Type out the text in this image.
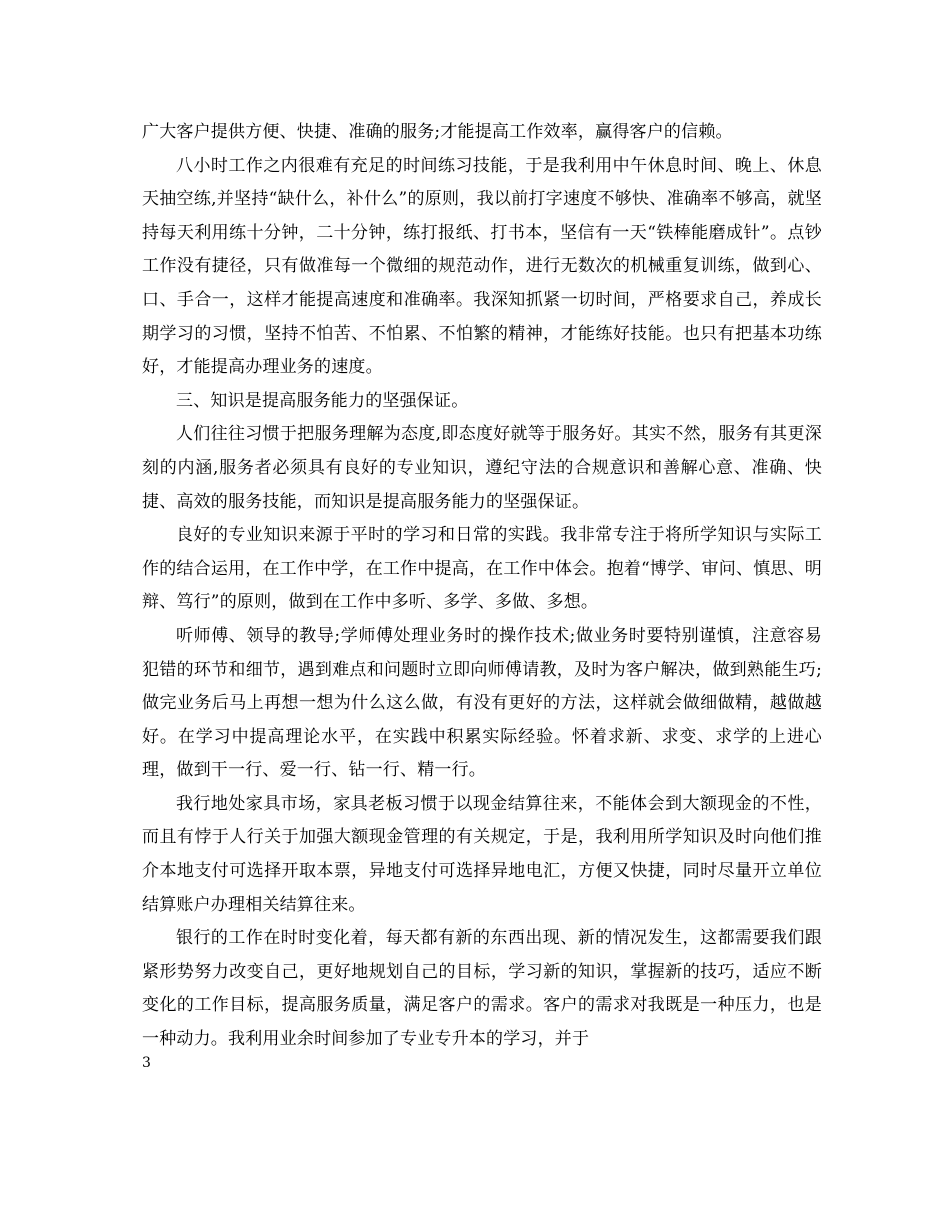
广大客户提供方便、快捷、准确的服务;才能提高工作效率，赢得客户的信赖。

八小时工作之内很难有充足的时间练习技能，于是我利用中午休息时间、晚上、休息天抽空练,并坚持“缺什么，补什么”的原则，我以前打字速度不够快、准确率不够高，就坚持每天利用练十分钟，二十分钟，练打报纸、打书本，坚信有一天“铁棒能磨成针”。点钞工作没有捷径，只有做准每一个微细的规范动作，进行无数次的机械重复训练，做到心、口、手合一，这样才能提高速度和准确率。我深知抓紧一切时间，严格要求自己，养成长期学习的习惯，坚持不怕苦、不怕累、不怕繁的精神，才能练好技能。也只有把基本功练好，才能提高办理业务的速度。

三、知识是提高服务能力的坚强保证。

人们往往习惯于把服务理解为态度,即态度好就等于服务好。其实不然，服务有其更深刻的内涵,服务者必须具有良好的专业知识，遵纪守法的合规意识和善解心意、准确、快捷、高效的服务技能，而知识是提高服务能力的坚强保证。

良好的专业知识来源于平时的学习和日常的实践。我非常专注于将所学知识与实际工作的结合运用，在工作中学，在工作中提高，在工作中体会。抱着“博学、审问、慎思、明辩、笃行”的原则，做到在工作中多听、多学、多做、多想。

听师傅、领导的教导;学师傅处理业务时的操作技术;做业务时要特别谨慎，注意容易犯错的环节和细节，遇到难点和问题时立即向师傅请教，及时为客户解决，做到熟能生巧;做完业务后马上再想一想为什么这么做，有没有更好的方法，这样就会做细做精，越做越好。在学习中提高理论水平，在实践中积累实际经验。怀着求新、求变、求学的上进心理，做到干一行、爱一行、钻一行、精一行。

我行地处家具市场，家具老板习惯于以现金结算往来，不能体会到大额现金的不性，而且有悖于人行关于加强大额现金管理的有关规定，于是，我利用所学知识及时向他们推介本地支付可选择开取本票，异地支付可选择异地电汇，方便又快捷，同时尽量开立单位结算账户办理相关结算往来。

银行的工作在时时变化着，每天都有新的东西出现、新的情况发生，这都需要我们跟紧形势努力改变自己，更好地规划自己的目标，学习新的知识，掌握新的技巧，适应不断变化的工作目标，提高服务质量，满足客户的需求。客户的需求对我既是一种压力，也是一种动力。我利用业余时间参加了专业专升本的学习，并于

3
